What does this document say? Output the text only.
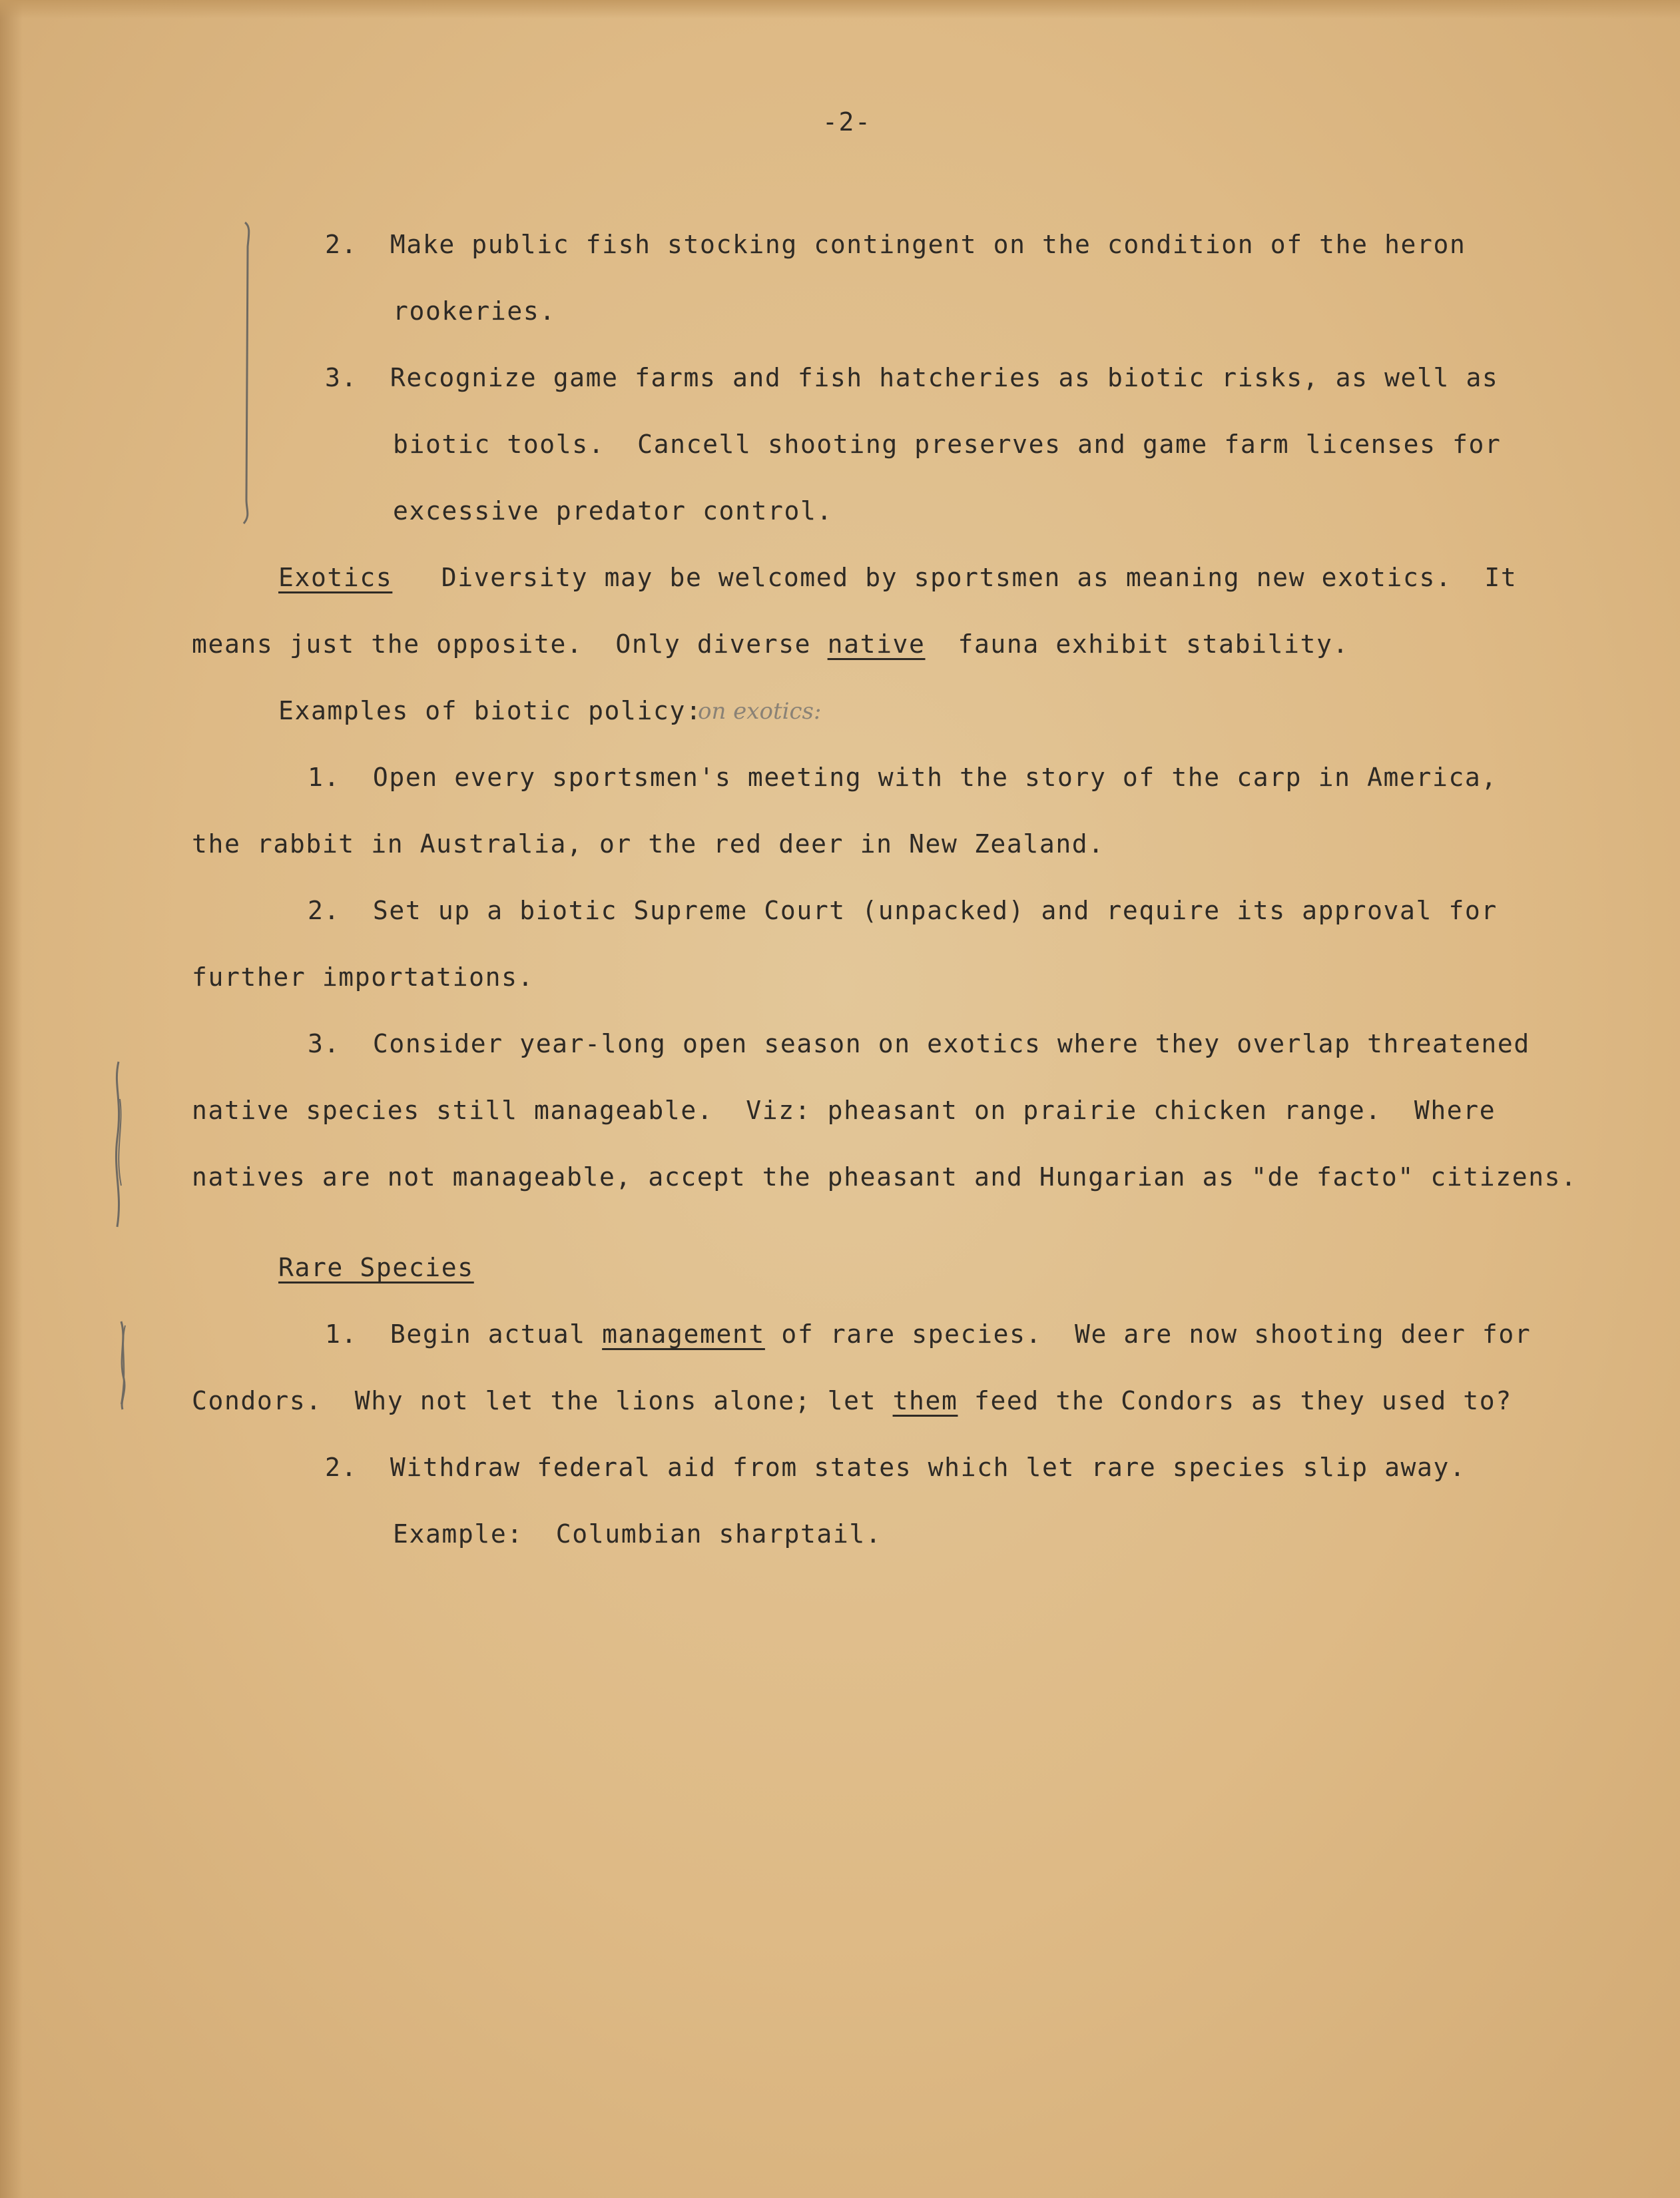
-2-
2.  Make public fish stocking contingent on the condition of the heron
rookeries.
3.  Recognize game farms and fish hatcheries as biotic risks, as well as
biotic tools.  Cancell shooting preserves and game farm licenses for
excessive predator control.
Exotics   Diversity may be welcomed by sportsmen as meaning new exotics.  It
means just the opposite.  Only diverse native  fauna exhibit stability.
Examples of biotic policy:
on exotics:
1.  Open every sportsmen's meeting with the story of the carp in America,
the rabbit in Australia, or the red deer in New Zealand.
2.  Set up a biotic Supreme Court (unpacked) and require its approval for
further importations.
3.  Consider year-long open season on exotics where they overlap threatened
native species still manageable.  Viz: pheasant on prairie chicken range.  Where
natives are not manageable, accept the pheasant and Hungarian as "de facto" citizens.
Rare Species
1.  Begin actual management of rare species.  We are now shooting deer for
Condors.  Why not let the lions alone; let them feed the Condors as they used to?
2.  Withdraw federal aid from states which let rare species slip away.
Example:  Columbian sharptail.
